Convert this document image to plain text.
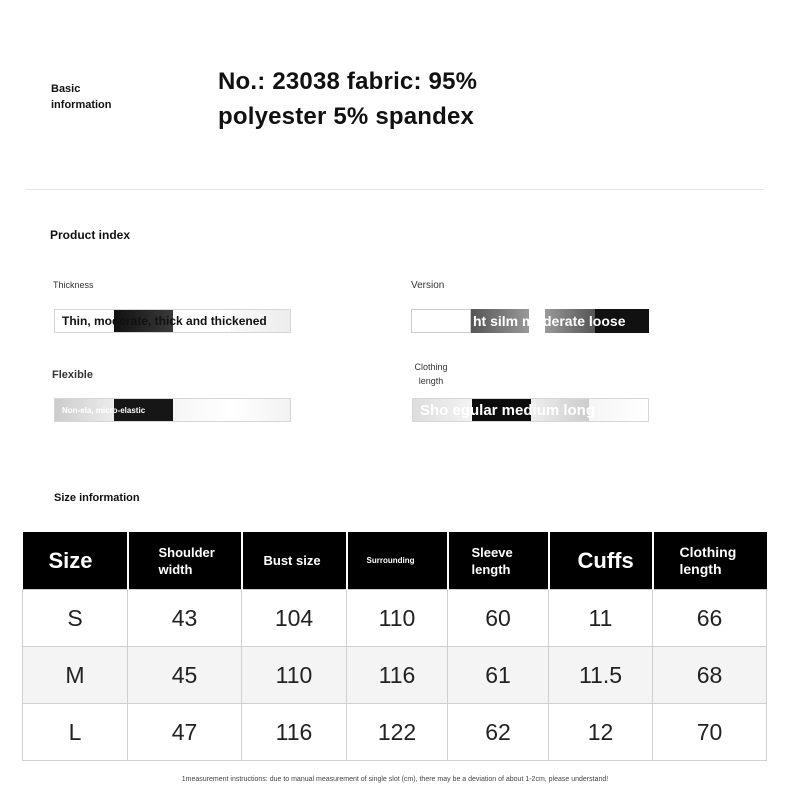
Basic information
No.: 23038 fabric: 95% polyester 5% spandex
Product index
Thickness
Thin, moderate, thick and thickened
Version
ht silm moderate loose
Flexible
Non-ela, micro-elastic
Clothing length
Sho egular medium long
Size information
Size	Shoulder width	Bust size	Surrounding	Sleeve length	Cuffs	Clothing length
S	43	104	110	60	11	66
M	45	110	116	61	11.5	68
L	47	116	122	62	12	70
1measurement instructions: due to manual measurement of single slot (cm), there may be a deviation of about 1-2cm, please understand!
